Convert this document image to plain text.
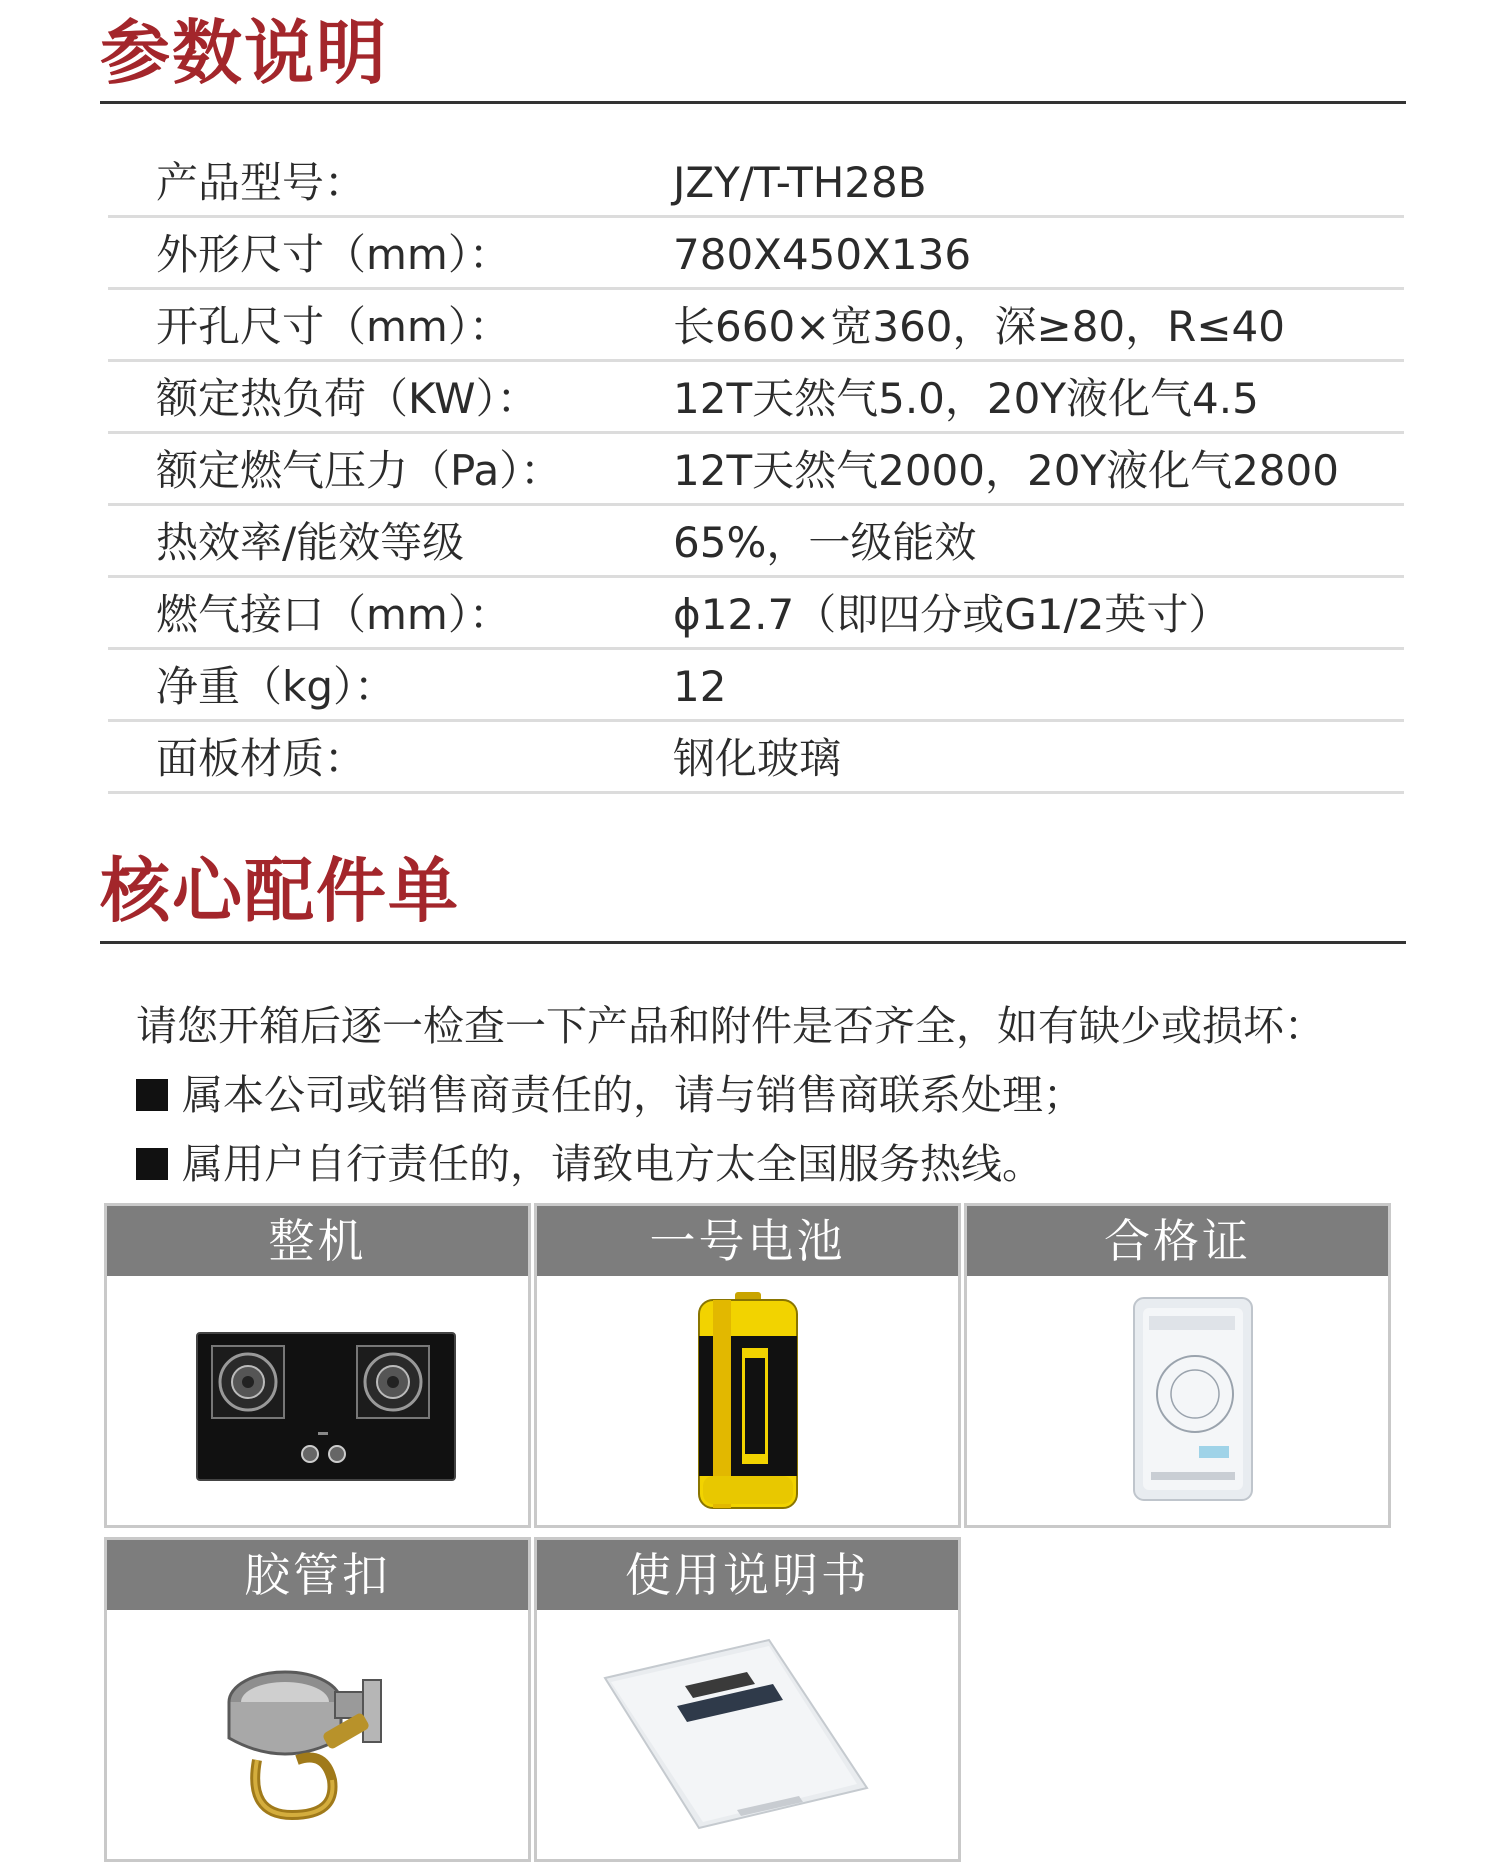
参数说明
产品型号：	JZY/T-TH28B
外形尺寸（mm）：	780X450X136
开孔尺寸（mm）：	长660×宽360，深≥80，R≤40
额定热负荷（KW）：	12T天然气5.0，20Y液化气4.5
额定燃气压力（Pa）：	12T天然气2000，20Y液化气2800
热效率/能效等级	65%，一级能效
燃气接口（mm）：	ϕ12.7（即四分或G1/2英寸）
净重（kg）：	12
面板材质：	钢化玻璃
核心配件单
请您开箱后逐一检查一下产品和附件是否齐全，如有缺少或损坏：
属本公司或销售商责任的，请与销售商联系处理；
属用户自行责任的，请致电方太全国服务热线。
整机	一号电池	合格证
胶管扣	使用说明书
